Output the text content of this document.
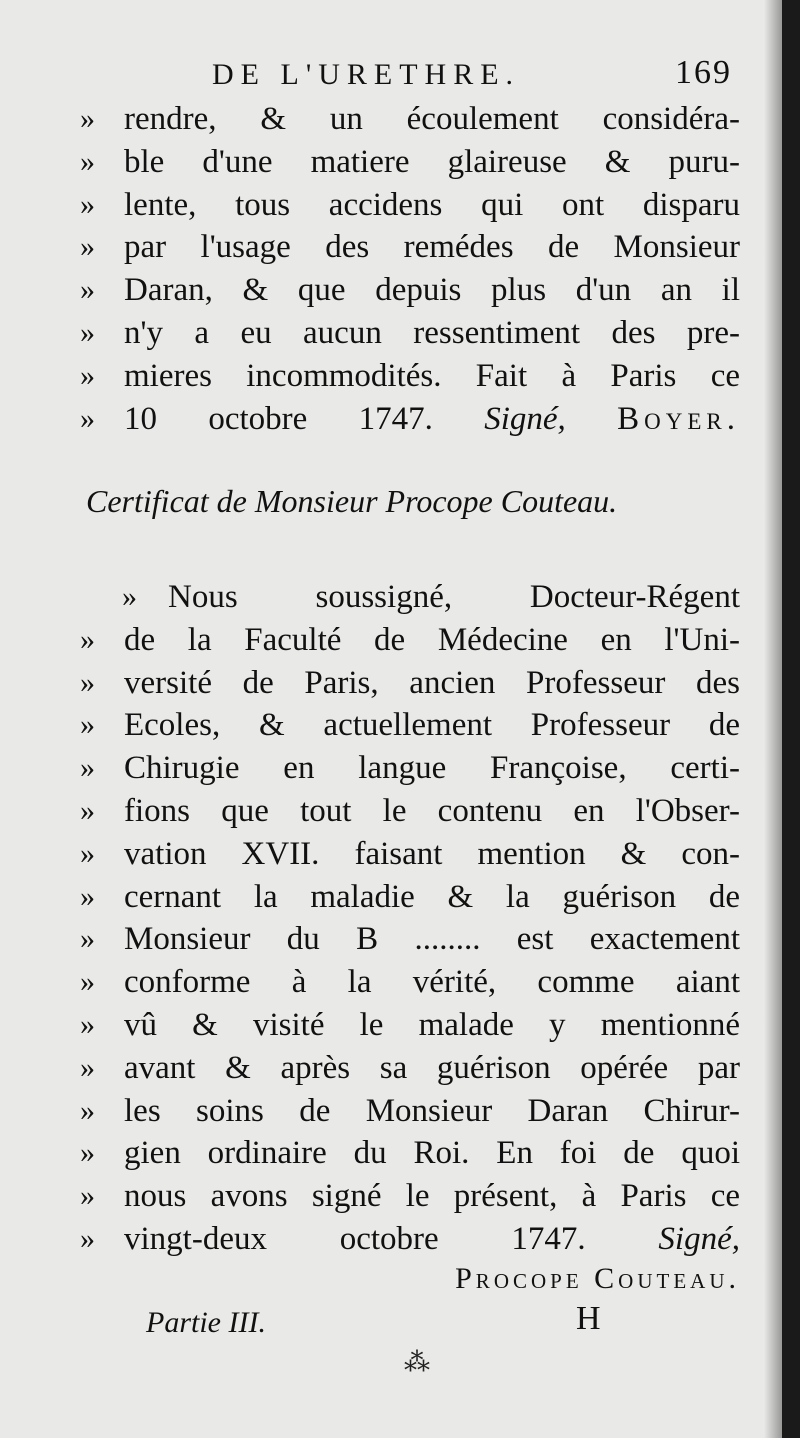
DE L'URETHRE.	169
» rendre, & un écoulement considéra-
» ble d'une matiere glaireuse & puru-
» lente, tous accidens qui ont disparu
» par l'usage des remédes de Monsieur
» Daran, & que depuis plus d'un an il
» n'y a eu aucun ressentiment des pre-
» mieres incommodités. Fait à Paris ce
» 10 octobre 1747. Signé, Boyer.
Certificat de Monsieur Procope Couteau.
» Nous soussigné, Docteur-Régent
» de la Faculté de Médecine en l'Uni-
» versité de Paris, ancien Professeur des
» Ecoles, & actuellement Professeur de
» Chirugie en langue Françoise, certi-
» fions que tout le contenu en l'Obser-
» vation XVII. faisant mention & con-
» cernant la maladie & la guérison de
» Monsieur du B ........ est exactement
» conforme à la vérité, comme aiant
» vû & visité le malade y mentionné
» avant & après sa guérison opérée par
» les soins de Monsieur Daran Chirur-
» gien ordinaire du Roi. En foi de quoi
» nous avons signé le présent, à Paris ce
» vingt-deux octobre 1747. Signé,
Procope Couteau.
Partie III.	H
⁂
